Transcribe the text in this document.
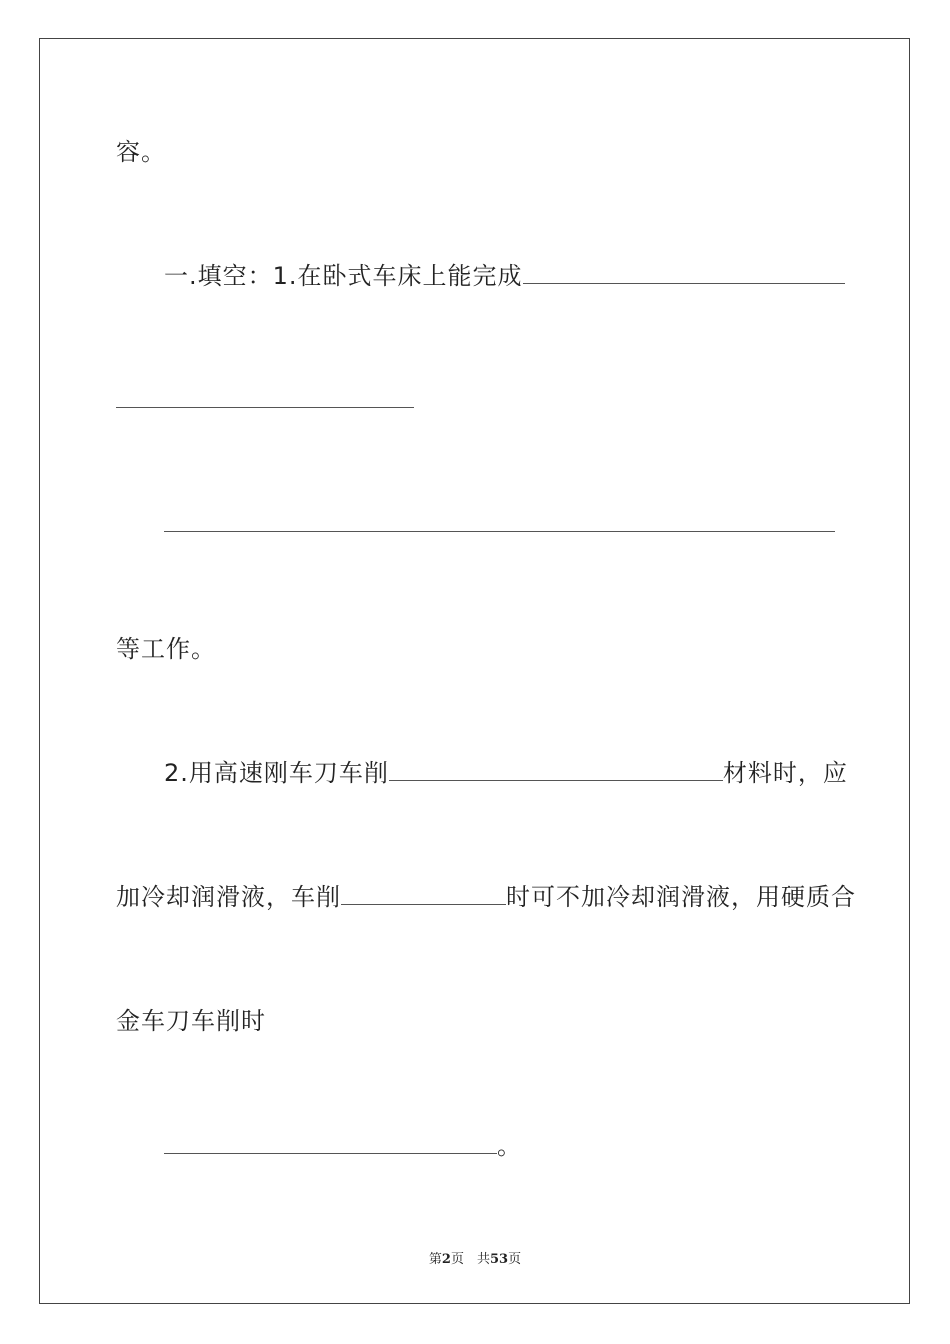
容。
一.填空：1.在卧式车床上能完成
等工作。
2.用高速刚车刀车削	材料时，应
加冷却润滑液，车削	时可不加冷却润滑液，用硬质合
金车刀车削时
。
第2页　共53页
